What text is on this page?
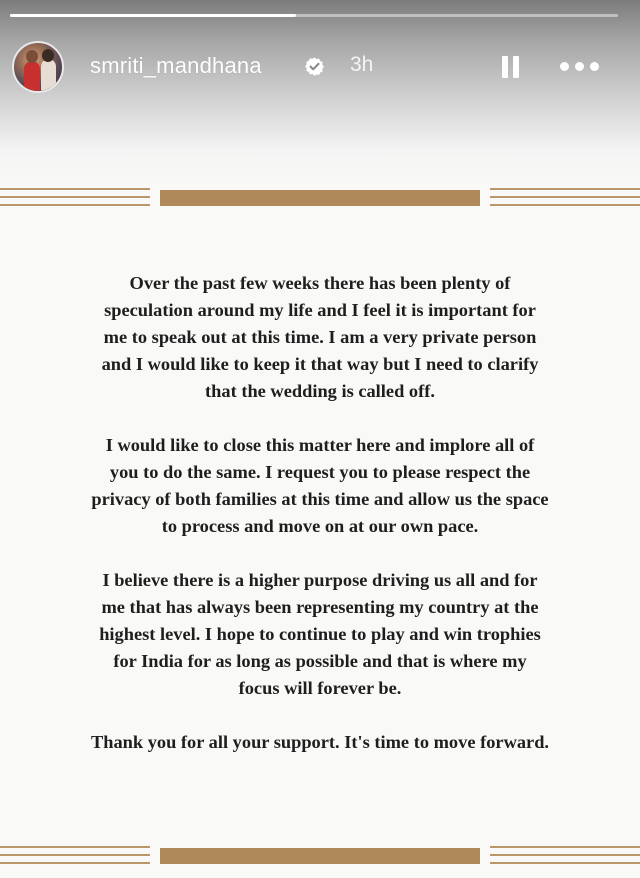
smriti_mandhana	3h

Over the past few weeks there has been plenty of
speculation around my life and I feel it is important for
me to speak out at this time. I am a very private person
and I would like to keep it that way but I need to clarify
that the wedding is called off.

I would like to close this matter here and implore all of
you to do the same. I request you to please respect the
privacy of both families at this time and allow us the space
to process and move on at our own pace.

I believe there is a higher purpose driving us all and for
me that has always been representing my country at the
highest level. I hope to continue to play and win trophies
for India for as long as possible and that is where my
focus will forever be.

Thank you for all your support. It's time to move forward.
